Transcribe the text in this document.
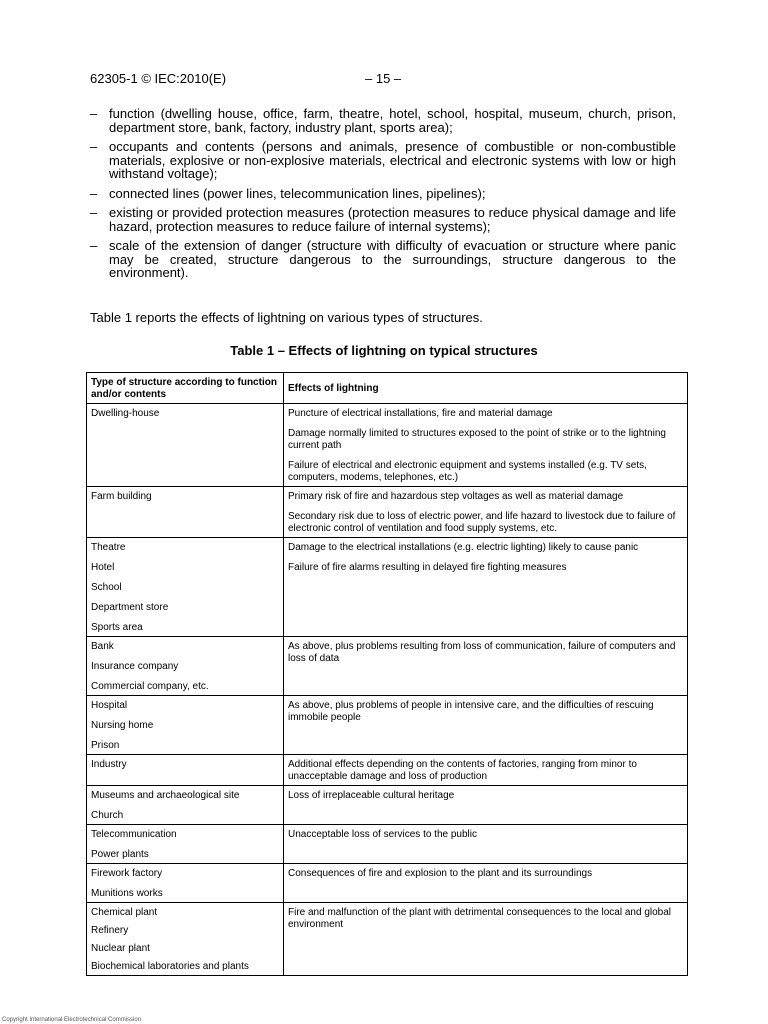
62305-1 © IEC:2010(E)	– 15 –
– function (dwelling house, office, farm, theatre, hotel, school, hospital, museum, church, prison, department store, bank, factory, industry plant, sports area);
– occupants and contents (persons and animals, presence of combustible or non-combustible materials, explosive or non-explosive materials, electrical and electronic systems with low or high withstand voltage);
– connected lines (power lines, telecommunication lines, pipelines);
– existing or provided protection measures (protection measures to reduce physical damage and life hazard, protection measures to reduce failure of internal systems);
– scale of the extension of danger (structure with difficulty of evacuation or structure where panic may be created, structure dangerous to the surroundings, structure dangerous to the environment).
Table 1 reports the effects of lightning on various types of structures.
Table 1 – Effects of lightning on typical structures
Type of structure according to function and/or contents	Effects of lightning

Dwelling-house	Puncture of electrical installations, fire and material damage
Damage normally limited to structures exposed to the point of strike or to the lightning current path
Failure of electrical and electronic equipment and systems installed (e.g. TV sets, computers, modems, telephones, etc.)

Farm building	Primary risk of fire and hazardous step voltages as well as material damage
Secondary risk due to loss of electric power, and life hazard to livestock due to failure of electronic control of ventilation and food supply systems, etc.

Theatre
Hotel
School
Department store
Sports area	Damage to the electrical installations (e.g. electric lighting) likely to cause panic
Failure of fire alarms resulting in delayed fire fighting measures

Bank
Insurance company
Commercial company, etc.	As above, plus problems resulting from loss of communication, failure of computers and loss of data

Hospital
Nursing home
Prison	As above, plus problems of people in intensive care, and the difficulties of rescuing immobile people

Industry	Additional effects depending on the contents of factories, ranging from minor to unacceptable damage and loss of production

Museums and archaeological site
Church	Loss of irreplaceable cultural heritage

Telecommunication
Power plants	Unacceptable loss of services to the public

Firework factory
Munitions works	Consequences of fire and explosion to the plant and its surroundings

Chemical plant
Refinery
Nuclear plant
Biochemical laboratories and plants	Fire and malfunction of the plant with detrimental consequences to the local and global environment
Copyright International Electrotechnical Commission
